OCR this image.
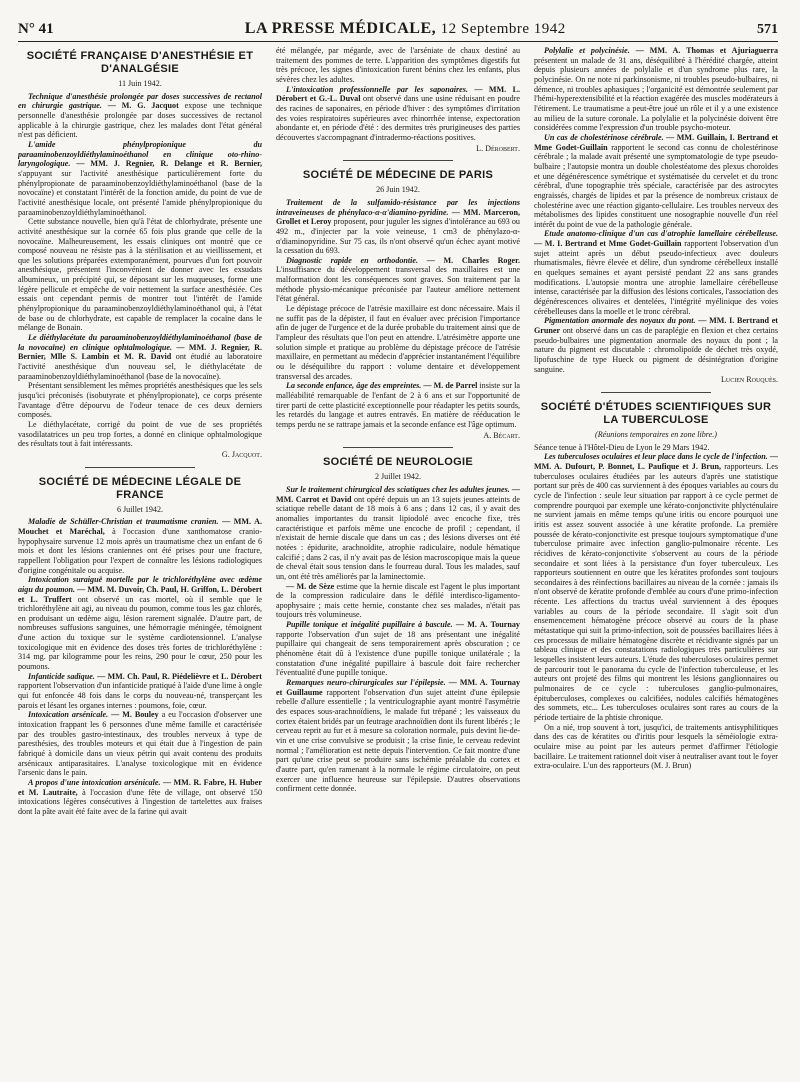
N° 41	LA PRESSE MÉDICALE, 12 Septembre 1942	571
SOCIÉTÉ FRANÇAISE D'ANESTHÉSIE ET D'ANALGÉSIE
11 Juin 1942.

Technique d'anesthésie prolongée par doses successives de rectanol en chirurgie gastrique. — M. G. Jacquot expose une technique personnelle d'anesthésie prolongée par doses successives de rectanol applicable à la chirurgie gastrique, chez les malades dont l'état général n'est pas déficient.

L'amide phénylpropionique du paraaminobenzoyldiéthylaminoéthanol en clinique oto-rhino-laryngologique. — MM. J. Regnier, R. Delange et R. Bernier, s'appuyant sur l'activité anesthésique particulièrement forte du phénylpropionate de paraaminobenzoyldiéthylaminoéthanol (base de la novocaïne) et constatant l'intérêt de la fonction amide, du point de vue de l'activité anesthésique locale, ont présenté l'amide phénylpropionique du paraaminobenzoyldiéthylaminoéthanol.

Cette substance nouvelle, bien qu'à l'état de chlorhydrate, présente une activité anesthésique sur la cornée 65 fois plus grande que celle de la novocaïne. Malheureusement, les essais cliniques ont montré que ce composé nouveau ne résiste pas à la stérilisation et au vieillissement, et que les solutions préparées extemporanément, pourvues d'un fort pouvoir anesthésique, présentent l'inconvénient de donner avec les exsudats albumineux, un précipité qui, se déposant sur les muqueuses, forme une légère pellicule et empêche de voir nettement la surface anesthésiée. Ces essais ont cependant permis de montrer tout l'intérêt de l'amide phénylpropionique du paraaminobenzoyldiéthylaminoéthanol qui, à l'état de base ou de chlorhydrate, est capable de remplacer la cocaïne dans le mélange de Bonain.

Le diéthylacétate du paraaminobenzoyldiéthylaminoéthanol (base de la novocaïne) en clinique ophtalmologique. — MM. J. Regnier, R. Bernier, Mlle S. Lambin et M. R. David ont étudié au laboratoire l'activité anesthésique d'un nouveau sel, le diéthylacétate de paraaminobenzoyldiéthylaminoéthanol (base de la novocaïne).

Présentant sensiblement les mêmes propriétés anesthésiques que les sels jusqu'ici préconisés (isobutyrate et phénylpropionate), ce corps présente l'avantage d'être dépourvu de l'odeur tenace de ces deux derniers composés.

Le diéthylacétate, corrigé du point de vue de ses propriétés vasodilatatrices un peu trop fortes, a donné en clinique ophtalmologique des résultats tout à fait intéressants.

G. Jacquot.
SOCIÉTÉ DE MÉDECINE LÉGALE DE FRANCE
6 Juillet 1942.

Maladie de Schüller-Christian et traumatisme cranien. — MM. A. Mouchet et Maréchal, à l'occasion d'une xanthomatose cranio-hypophysaire survenue 12 mois après un traumatisme chez un enfant de 6 mois et dont les lésions craniennes ont été prises pour une fracture, rappellent l'obligation pour l'expert de connaître les lésions radiologiques d'origine congénitale ou acquise.

Intoxication suraiguë mortelle par le trichloréthylène avec œdème aigu du poumon. — MM. M. Duvoir, Ch. Paul, H. Griffon, L. Dérobert et L. Truffert ont observé un cas mortel, où il semble que le trichloréthylène ait agi, au niveau du poumon, comme tous les gaz chlorés, en produisant un œdème aigu, lésion rarement signalée. D'autre part, de nombreuses suffusions sanguines, une hémorragie méningée, témoignent d'une action du toxique sur le système cardiotensionnel. L'analyse toxicologique mit en évidence des doses très fortes de trichloréthylène : 314 mg. par kilogramme pour les reins, 290 pour le cœur, 250 pour les poumons.

Infanticide sadique. — MM. Ch. Paul, R. Piédelièvre et L. Dérobert rapportent l'observation d'un infanticide pratiqué à l'aide d'une lime à ongle qui fut enfoncée 48 fois dans le corps du nouveau-né, transperçant les parois et lésant les organes internes : poumons, foie, cœur.

Intoxication arsénicale. — M. Bouley a eu l'occasion d'observer une intoxication frappant les 6 personnes d'une même famille et caractérisée par des troubles gastro-intestinaux, des troubles nerveux à type de paresthésies, des troubles moteurs et qui était due à l'ingestion de pain fabriqué à domicile dans un vieux pétrin qui avait contenu des produits arsénicaux antiparasitaires. L'analyse toxicologique mit en évidence l'arsenic dans le pain.

A propos d'une intoxication arsénicale. — MM. R. Fabre, H. Huber et M. Lautraite, à l'occasion d'une fête de village, ont observé 150 intoxications légères consécutives à l'ingestion de tartelettes aux fraises dont la pâte avait été faite avec de la farine qui avait

été mélangée, par mégarde, avec de l'arséniate de chaux destiné au traitement des pommes de terre. L'apparition des symptômes digestifs fut très précoce, les signes d'intoxication furent bénins chez les enfants, plus sévères chez les adultes.

L'intoxication professionnelle par les saponaires. — MM. L. Dérobert et G.-L. Duval ont observé dans une usine réduisant en poudre des racines de saponaires, en période d'hiver : des symptômes d'irritation des voies respiratoires supérieures avec rhinorrhée intense, expectoration abondante et, en période d'été : des dermites très prurigineuses des parties découvertes s'accompagnant d'intradermo-réactions positives.

L. Dérobert.
SOCIÉTÉ DE MÉDECINE DE PARIS
26 Juin 1942.

Traitement de la sulfamido-résistance par les injections intraveineuses de phénylaco-α-α'diamino-pyridine. — MM. Marceron, Grollet et Leroy proposent, pour juguler les signes d'intolérance au 693 ou 492 m., d'injecter par la voie veineuse, 1 cm3 de phénylazo-α-α'diaminopyridine. Sur 75 cas, ils n'ont observé qu'un échec ayant motivé la cessation du 693.

Diagnostic rapide en orthodontie. — M. Charles Roger. L'insuffisance du développement transversal des maxillaires est une malformation dont les conséquences sont graves. Son traitement par la méthode physio-mécanique préconisée par l'auteur améliore nettement l'état général.

Le dépistage précoce de l'atrésie maxillaire est donc nécessaire. Mais il ne suffit pas de la dépister, il faut en évaluer avec précision l'importance afin de juger de l'urgence et de la durée probable du traitement ainsi que de l'ampleur des résultats que l'on peut en attendre. L'atrésimètre apporte une solution simple et pratique au problème du dépistage précoce de l'atrésie maxillaire, en permettant au médecin d'apprécier instantanément l'équilibre ou le déséquilibre du rapport : volume dentaire et développement transversal des arcades.

La seconde enfance, âge des empreintes. — M. de Parrel insiste sur la malléabilité remarquable de l'enfant de 2 à 6 ans et sur l'opportunité de tirer parti de cette plasticité exceptionnelle pour réadapter les petits sourds, les retardés du langage et autres entravés. En matière de rééducation le temps perdu ne se rattrape jamais et la seconde enfance est l'âge optimum.

A. Bécart.
SOCIÉTÉ DE NEUROLOGIE
2 Juillet 1942.

Sur le traitement chirurgical des sciatiques chez les adultes jeunes. — MM. Carrot et David ont opéré depuis un an 13 sujets jeunes atteints de sciatique rebelle datant de 18 mois à 6 ans ; dans 12 cas, il y avait des anomalies importantes du transit lipiodolé avec encoche fixe, très caractéristique et parfois même une encoche de profil ; cependant, il n'existait de hernie discale que dans un cas ; des lésions diverses ont été notées : épidurite, arachnoïdite, atrophie radiculaire, nodule hématique calcifié ; dans 2 cas, il n'y avait pas de lésion macroscopique mais la queue de cheval était sous tension dans le fourreau dural. Tous les malades, sauf un, ont été très améliorés par la laminectomie.

— M. de Sèze estime que la hernie discale est l'agent le plus important de la compression radiculaire dans le défilé interdisco-ligamento-apophysaire ; mais cette hernie, constante chez ses malades, n'était pas toujours très volumineuse.

Pupille tonique et inégalité pupillaire à bascule. — M. A. Tournay rapporte l'observation d'un sujet de 18 ans présentant une inégalité pupillaire qui changeait de sens temporairement après obscuration ; ce phénomène était dû à l'existence d'une pupille tonique unilatérale ; la constatation d'une inégalité pupillaire à bascule doit faire rechercher l'éventualité d'une pupille tonique.

Remarques neuro-chirurgicales sur l'épilepsie. — MM. A. Tournay et Guillaume rapportent l'observation d'un sujet atteint d'une épilepsie rebelle d'allure essentielle ; la ventriculographie ayant montré l'asymétrie des espaces sous-arachnoïdiens, le malade fut trépané ; les vaisseaux du cortex étaient bridés par un feutrage arachnoïdien dont ils furent libérés ; le cerveau reprit au fur et à mesure sa coloration normale, puis devint lie-de-vin et une crise convulsive se produisit ; la crise finie, le cerveau redevint normal ; l'amélioration est nette depuis l'intervention. Ce fait montre d'une part qu'une crise peut se produire sans ischémie préalable du cortex et d'autre part, qu'en ramenant à la normale le régime circulatoire, on peut exercer une influence heureuse sur l'épilepsie. D'autres observations confirment cette donnée.

Polylalie et polycinésie. — MM. A. Thomas et Ajuriaguerra présentent un malade de 31 ans, déséquilibré à l'hérédité chargée, atteint depuis plusieurs années de polylalie et d'un syndrome plus rare, la polycinésie. On ne note ni parkinsonisme, ni troubles pseudo-bulbaires, ni démence, ni troubles aphasiques ; l'organicité est démontrée seulement par l'hémi-hyperextensibilité et la réaction exagérée des muscles modérateurs à l'étirement. Le traumatisme a peut-être joué un rôle et il y a une existence au milieu de la suture coronale. La polylalie et la polycinésie doivent être considérées comme l'expression d'un trouble psycho-moteur.

Un cas de cholestérinose cérébrale. — MM. Guillain, I. Bertrand et Mme Godet-Guillain rapportent le second cas connu de cholestérinose cérébrale ; la malade avait présenté une symptomatologie de type pseudo-bulbaire ; l'autopsie montra un double cholestéatome des plexus choroïdes et une dégénérescence symétrique et systématisée du cervelet et du tronc cérébral, d'une topographie très spéciale, caractérisée par des astrocytes engraissés, chargés de lipides et par la présence de nombreux cristaux de cholestérine avec une réaction giganto-cellulaire. Les troubles nerveux des métabolismes des lipides constituent une nosographie nouvelle d'un réel intérêt du point de vue de la pathologie générale.

Etude anatomo-clinique d'un cas d'atrophie lamellaire cérébelleuse. — M. I. Bertrand et Mme Godet-Guillain rapportent l'observation d'un sujet atteint après un début pseudo-infectieux avec douleurs rhumatismales, fièvre élevée et délire, d'un syndrome cérébelleux installé en quelques semaines et ayant persisté pendant 22 ans sans grandes modifications. L'autopsie montra une atrophie lamellaire cérébelleuse intense, caractérisée par la diffusion des lésions corticales, l'association des dégénérescences olivaires et dentelées, l'intégrité myélinique des voies cérébelleuses dans la moelle et le tronc cérébral.

Pigmentation anormale des noyaux du pont. — MM. I. Bertrand et Gruner ont observé dans un cas de paraplégie en flexion et chez certains pseudo-bulbaires une pigmentation anormale des noyaux du pont ; la nature du pigment est discutable : chromolipoïde de déchet très oxydé, lipofuschine de type Hueck ou pigment de désintégration d'origine sanguine.

Lucien Rouquès.
SOCIÉTÉ D'ÉTUDES SCIENTIFIQUES SUR LA TUBERCULOSE
(Réunions temporaires en zone libre.)

Séance tenue à l'Hôtel-Dieu de Lyon le 29 Mars 1942.

Les tuberculoses oculaires et leur place dans le cycle de l'infection. — MM. A. Dufourt, P. Bonnet, L. Paufique et J. Brun, rapporteurs. Les tuberculoses oculaires étudiées par les auteurs d'après une statistique portant sur près de 400 cas surviennent à des époques variables au cours du cycle de l'infection : seule leur situation par rapport à ce cycle permet de comprendre pourquoi par exemple une kérato-conjonctivite phlycténulaire ne survient jamais en même temps qu'une iritis ou encore pourquoi une iritis est assez souvent associée à une kératite profonde. La première poussée de kérato-conjonctivite est presque toujours symptomatique d'une tuberculose primaire avec infection ganglio-pulmonaire récente. Les récidives de kérato-conjonctivite s'observent au cours de la période secondaire et sont liées à la persistance d'un foyer tuberculeux. Les rapporteurs soutiennent en outre que les kératites profondes sont toujours secondaires à des réinfections bacillaires au niveau de la cornée : jamais ils n'ont observé de kératite profonde d'emblée au cours d'une primo-infection récente. Les affections du tractus uvéal surviennent à des époques variables au cours de la période secondaire. Il s'agit soit d'un ensemencement hématogène précoce observé au cours de la phase métastatique qui suit la primo-infection, soit de poussées bacillaires liées à ces processus de miliaire hématogène discrète et récidivante signés par un tableau clinique et des constatations radiologiques très particulières sur lesquelles insistent leurs auteurs. L'étude des tuberculoses oculaires permet de parcourir tout le panorama du cycle de l'infection tuberculeuse, et les auteurs ont projeté des films qui montrent les lésions ganglionnaires ou pulmonaires de ce cycle : tuberculoses ganglio-pulmonaires, épituberculoses, complexes ou calcifiées, nodules calcifiés hématogènes des sommets, etc... Les tuberculoses oculaires sont rares au cours de la période tertiaire de la phtisie chronique.

On a nié, trop souvent à tort, jusqu'ici, de traitements antisyphilitiques dans des cas de kératites ou d'iritis pour lesquels la séméiologie extra-oculaire mise au point par les auteurs permet d'affirmer l'étiologie bacillaire. Le traitement rationnel doit viser à neutraliser avant tout le foyer extra-oculaire. L'un des rapporteurs (M. J. Brun)
